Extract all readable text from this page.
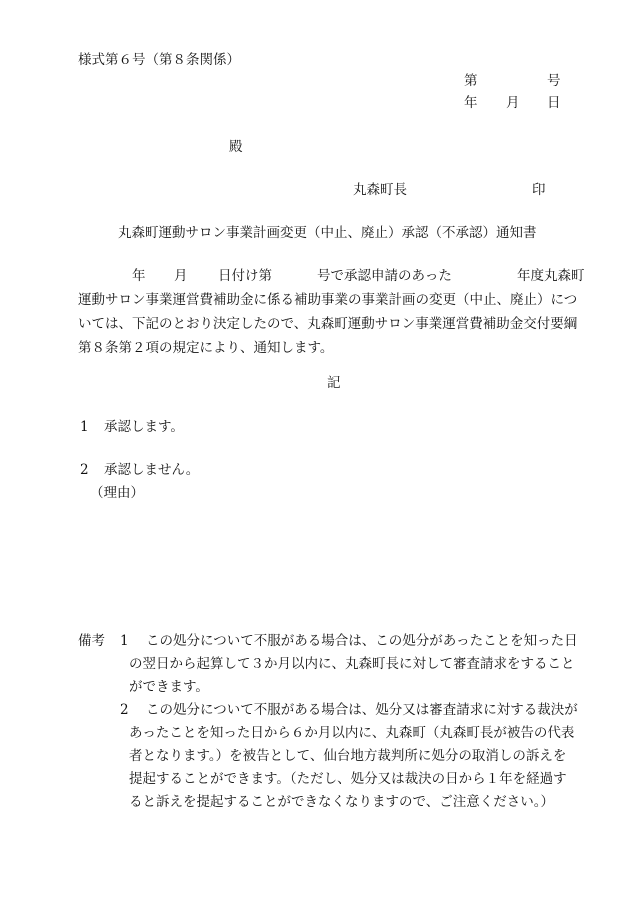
様式第６号（第８条関係）
第	号
年 月 日
殿
丸森町長	印
丸森町運動サロン事業計画変更（中止、廃止）承認（不承認）通知書
年 月 日付け第	号で承認申請のあった	年度丸森町
運動サロン事業運営費補助金に係る補助事業の事業計画の変更（中止、廃止）につ
いては、下記のとおり決定したので、丸森町運動サロン事業運営費補助金交付要綱
第８条第２項の規定により、通知します。
記
1 承認します。
2 承認しません。
（理由）
備考 1 この処分について不服がある場合は、この処分があったことを知った日
の翌日から起算して３か月以内に、丸森町長に対して審査請求をすること
ができます。
2 この処分について不服がある場合は、処分又は審査請求に対する裁決が
あったことを知った日から６か月以内に、丸森町（丸森町長が被告の代表
者となります。）を被告として、仙台地方裁判所に処分の取消しの訴えを
提起することができます。（ただし、処分又は裁決の日から１年を経過す
ると訴えを提起することができなくなりますので、ご注意ください。）
